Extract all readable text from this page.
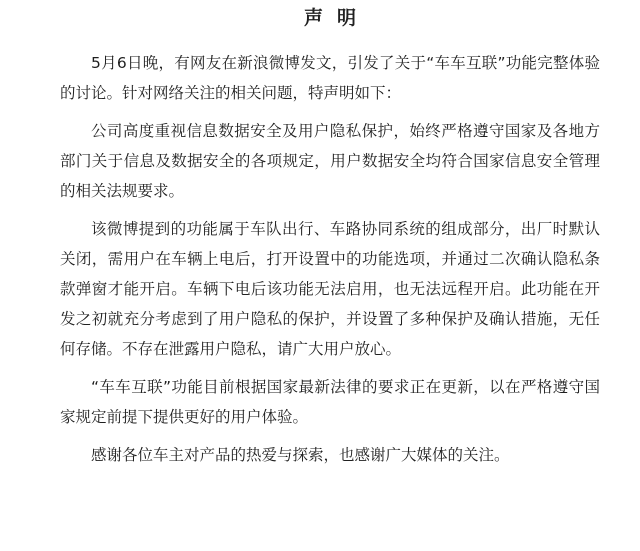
声明

5月6日晚，有网友在新浪微博发文，引发了关于“车车互联”功能完整体验的讨论。针对网络关注的相关问题，特声明如下：

公司高度重视信息数据安全及用户隐私保护，始终严格遵守国家及各地方部门关于信息及数据安全的各项规定，用户数据安全均符合国家信息安全管理的相关法规要求。

该微博提到的功能属于车队出行、车路协同系统的组成部分，出厂时默认关闭，需用户在车辆上电后，打开设置中的功能选项，并通过二次确认隐私条款弹窗才能开启。车辆下电后该功能无法启用，也无法远程开启。此功能在开发之初就充分考虑到了用户隐私的保护，并设置了多种保护及确认措施，无任何存储。不存在泄露用户隐私，请广大用户放心。

“车车互联”功能目前根据国家最新法律的要求正在更新，以在严格遵守国家规定前提下提供更好的用户体验。

感谢各位车主对产品的热爱与探索，也感谢广大媒体的关注。
